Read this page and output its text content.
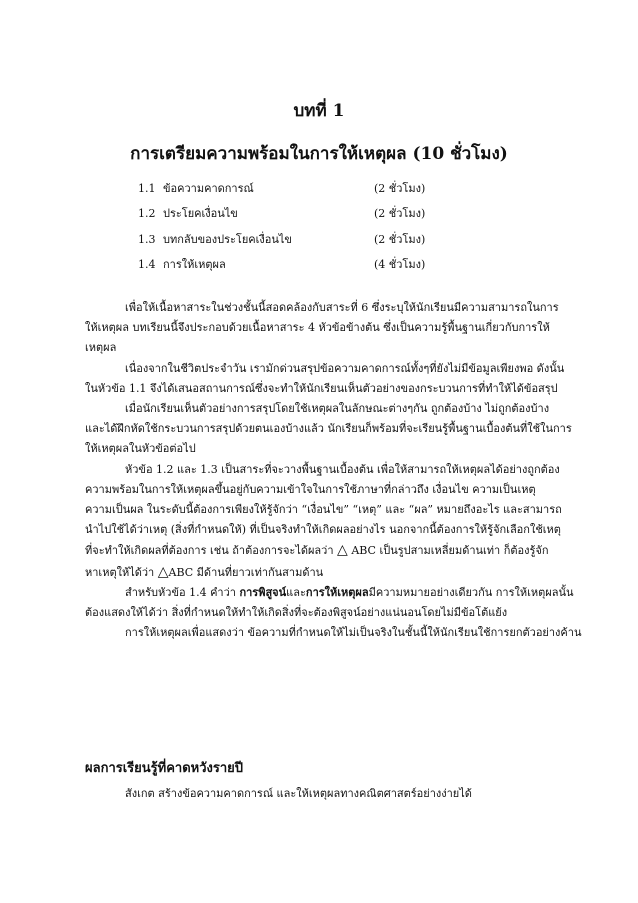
บทที่ 1
การเตรียมความพร้อมในการให้เหตุผล (10 ชั่วโมง)
1.1 ข้อความคาดการณ์	(2 ชั่วโมง)
1.2 ประโยคเงื่อนไข	(2 ชั่วโมง)
1.3 บทกลับของประโยคเงื่อนไข	(2 ชั่วโมง)
1.4 การให้เหตุผล	(4 ชั่วโมง)
เพื่อให้เนื้อหาสาระในช่วงชั้นนี้สอดคล้องกับสาระที่ 6 ซึ่งระบุให้นักเรียนมีความสามารถในการ
ให้เหตุผล บทเรียนนี้จึงประกอบด้วยเนื้อหาสาระ 4 หัวข้อข้างต้น ซึ่งเป็นความรู้พื้นฐานเกี่ยวกับการให้
เหตุผล
เนื่องจากในชีวิตประจำวัน เรามักด่วนสรุปข้อความคาดการณ์ทั้งๆที่ยังไม่มีข้อมูลเพียงพอ ดังนั้น
ในหัวข้อ 1.1 จึงได้เสนอสถานการณ์ซึ่งจะทำให้นักเรียนเห็นตัวอย่างของกระบวนการที่ทำให้ได้ข้อสรุป
เมื่อนักเรียนเห็นตัวอย่างการสรุปโดยใช้เหตุผลในลักษณะต่างๆกัน ถูกต้องบ้าง ไม่ถูกต้องบ้าง
และได้ฝึกหัดใช้กระบวนการสรุปด้วยตนเองบ้างแล้ว นักเรียนก็พร้อมที่จะเรียนรู้พื้นฐานเบื้องต้นที่ใช้ในการ
ให้เหตุผลในหัวข้อต่อไป
หัวข้อ 1.2 และ 1.3 เป็นสาระที่จะวางพื้นฐานเบื้องต้น เพื่อให้สามารถให้เหตุผลได้อย่างถูกต้อง
ความพร้อมในการให้เหตุผลขึ้นอยู่กับความเข้าใจในการใช้ภาษาที่กล่าวถึง เงื่อนไข ความเป็นเหตุ
ความเป็นผล ในระดับนี้ต้องการเพียงให้รู้จักว่า “เงื่อนไข” “เหตุ” และ “ผล” หมายถึงอะไร และสามารถ
นำไปใช้ได้ว่าเหตุ (สิ่งที่กำหนดให้) ที่เป็นจริงทำให้เกิดผลอย่างไร นอกจากนี้ต้องการให้รู้จักเลือกใช้เหตุ
ที่จะทำให้เกิดผลที่ต้องการ เช่น ถ้าต้องการจะได้ผลว่า △ ABC เป็นรูปสามเหลี่ยมด้านเท่า ก็ต้องรู้จัก
หาเหตุให้ได้ว่า △ABC มีด้านที่ยาวเท่ากันสามด้าน
สำหรับหัวข้อ 1.4 คำว่า การพิสูจน์และการให้เหตุผลมีความหมายอย่างเดียวกัน การให้เหตุผลนั้น
ต้องแสดงให้ได้ว่า สิ่งที่กำหนดให้ทำให้เกิดสิ่งที่จะต้องพิสูจน์อย่างแน่นอนโดยไม่มีข้อโต้แย้ง
การให้เหตุผลเพื่อแสดงว่า ข้อความที่กำหนดให้ไม่เป็นจริงในชั้นนี้ให้นักเรียนใช้การยกตัวอย่างค้าน
ผลการเรียนรู้ที่คาดหวังรายปี

สังเกต สร้างข้อความคาดการณ์ และให้เหตุผลทางคณิตศาสตร์อย่างง่ายได้
